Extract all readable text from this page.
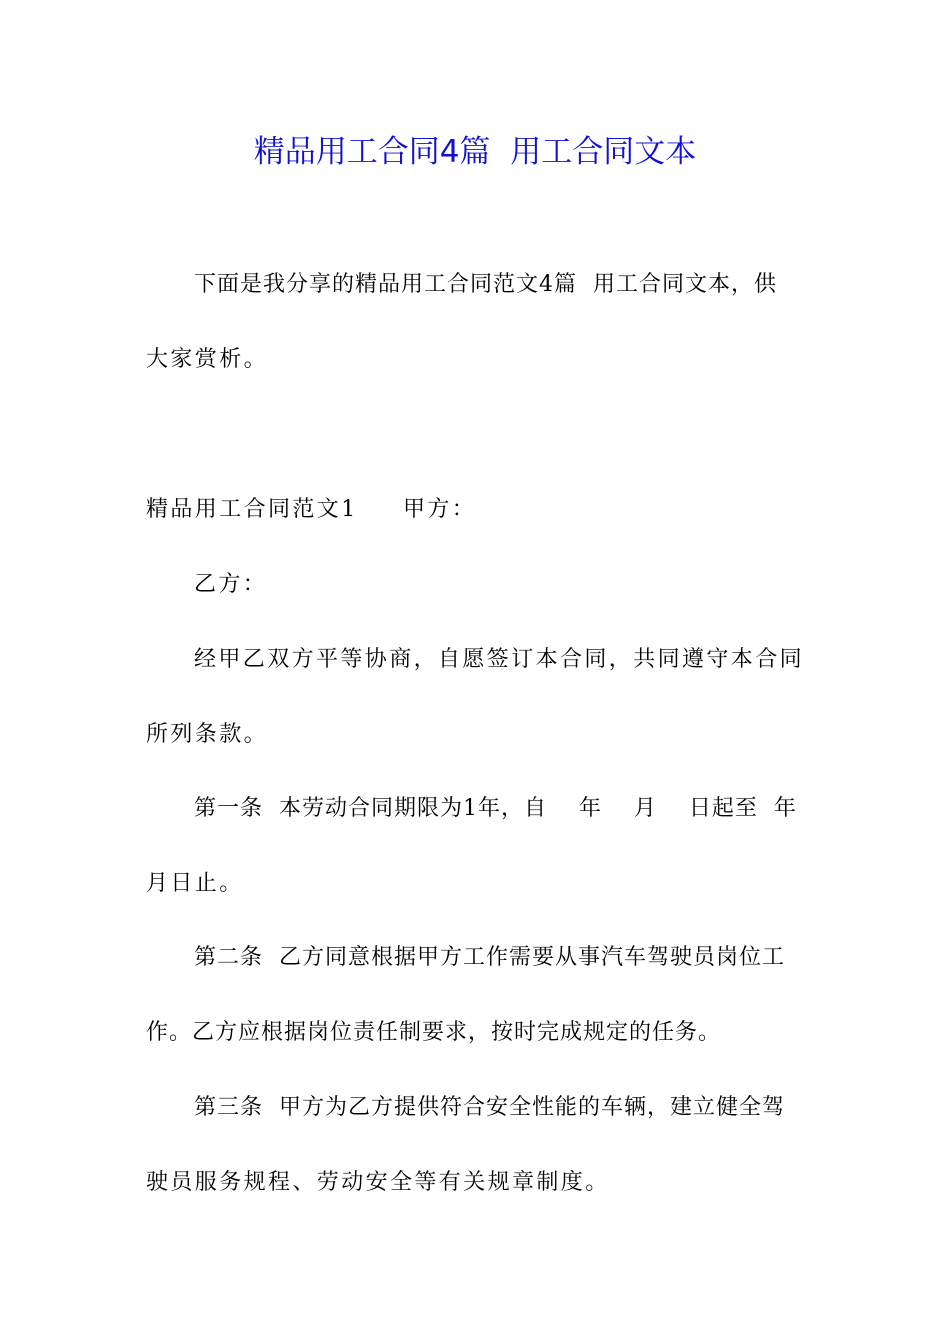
精品用工合同4篇  用工合同文本
下面是我分享的精品用工合同范文4篇  用工合同文本，供
大家赏析。
精品用工合同范文1 甲方：
乙方：
经甲乙双方平等协商，自愿签订本合同，共同遵守本合同
所列条款。
第一条  本劳动合同期限为1年，自    年    月    日起至  年
月日止。
第二条  乙方同意根据甲方工作需要从事汽车驾驶员岗位工
作。乙方应根据岗位责任制要求，按时完成规定的任务。
第三条  甲方为乙方提供符合安全性能的车辆，建立健全驾
驶员服务规程、劳动安全等有关规章制度。
